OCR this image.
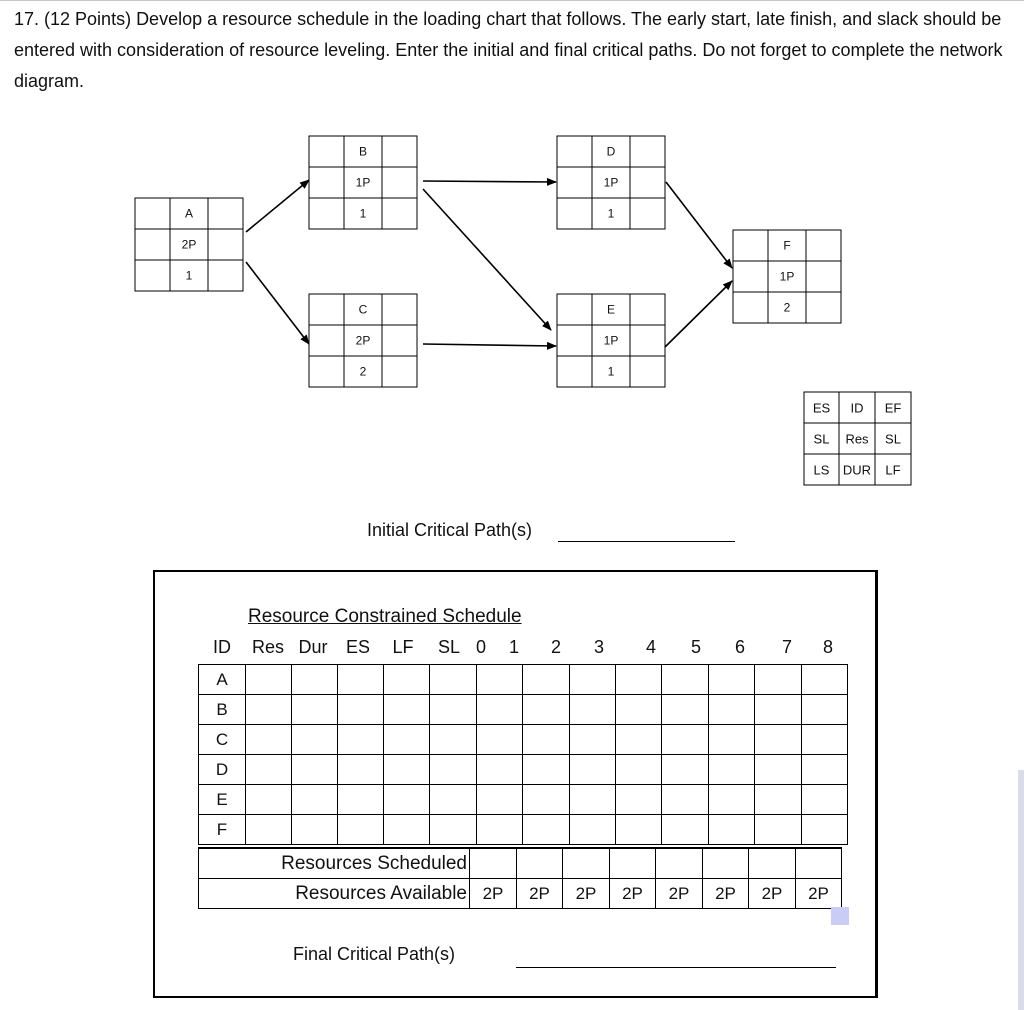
17. (12 Points) Develop a resource schedule in the loading chart that follows. The early start, late finish, and slack should be entered with consideration of resource leveling. Enter the initial and final critical paths. Do not forget to complete the network diagram.

A
2P
1
B
1P
1
C
2P
2
D
1P
1
E
1P
1
F
1P
2
ES ID EF
SL Res SL
LS DUR LF
Initial Critical Path(s)
Resource Constrained Schedule
ID Res Dur ES LF SL 0 1 2 3 4 5 6 7 8
A													
B													
C													
D													
E													
F													
Resources Scheduled								
Resources Available	2P	2P	2P	2P	2P	2P	2P	2P
Final Critical Path(s)
